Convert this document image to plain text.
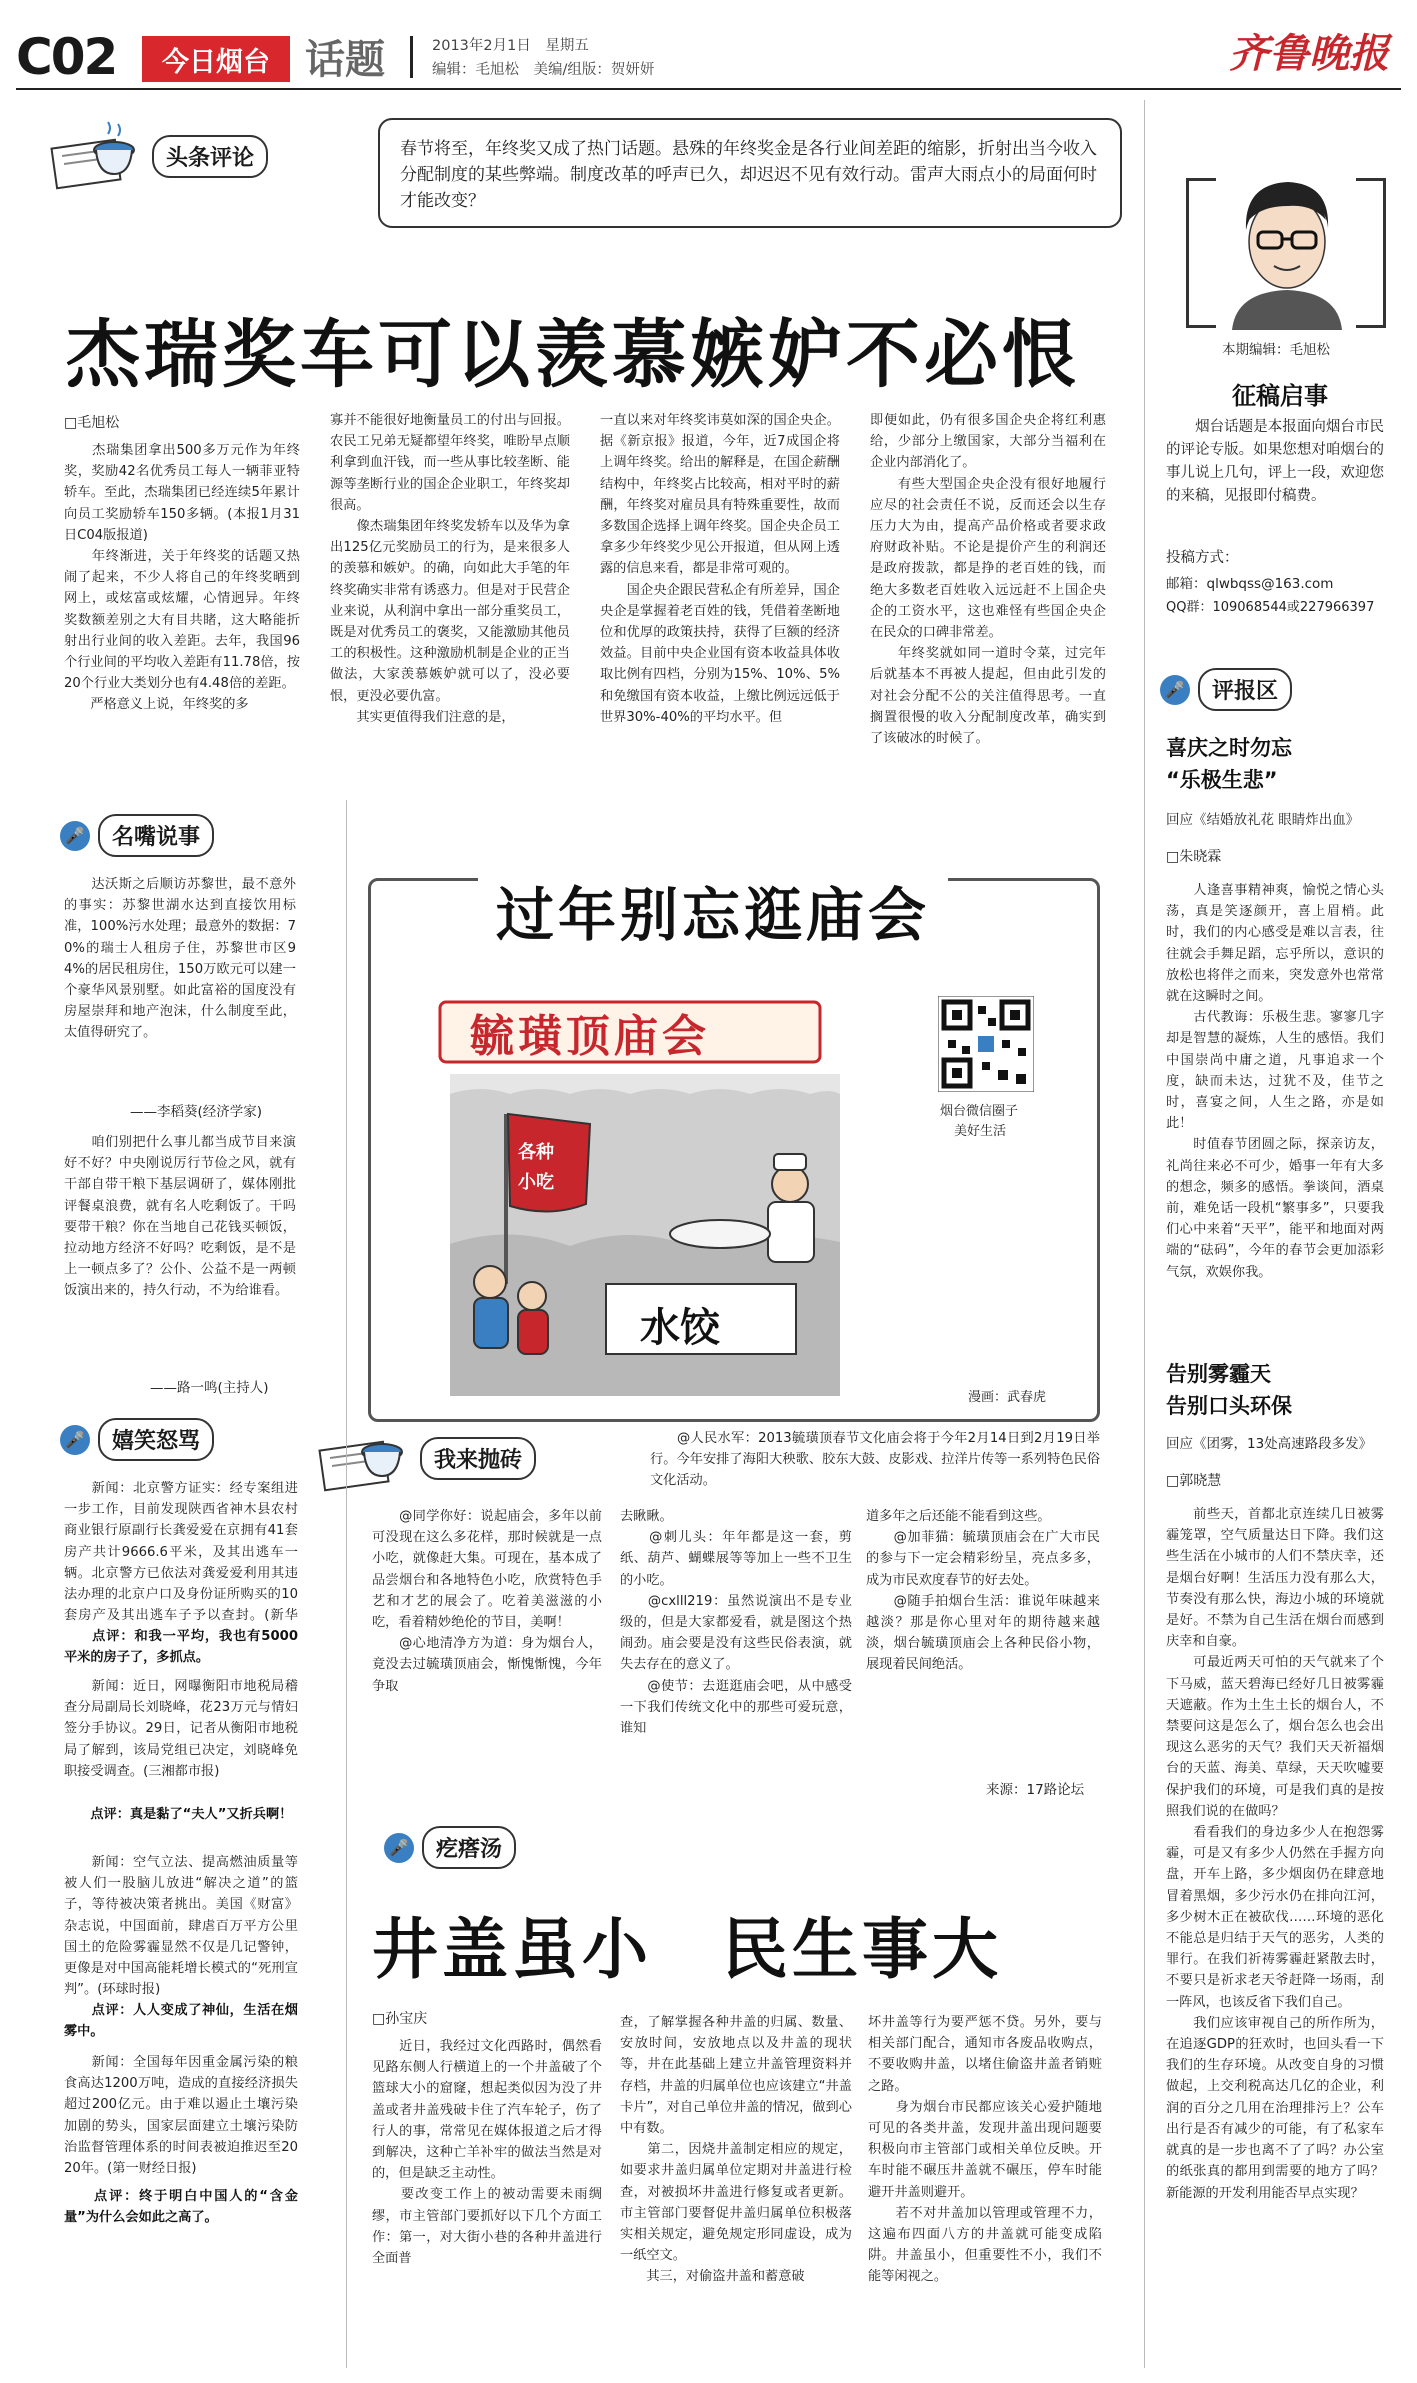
C02	今日烟台 话题	2013年2月1日　星期五
编辑：毛旭松　美编/组版：贺妍妍	齐鲁晚报
头条评论	春节将至，年终奖又成了热门话题。悬殊的年终奖金是各行业间差距的缩影，折射出当今收入分配制度的某些弊端。制度改革的呼声已久，却迟迟不见有效行动。雷声大雨点小的局面何时才能改变？
杰瑞奖车可以羡慕嫉妒不必恨
□毛旭松
　　杰瑞集团拿出500多万元作为年终奖，奖励42名优秀员工每人一辆菲亚特轿车。至此，杰瑞集团已经连续5年累计向员工奖励轿车150多辆。(本报1月31日C04版报道)
　　年终渐进，关于年终奖的话题又热闹了起来，不少人将自己的年终奖晒到网上，或炫富或炫耀，心情迥异。年终奖数额差别之大有目共睹，这大略能折射出行业间的收入差距。去年，我国96个行业间的平均收入差距有11.78倍，按20个行业大类划分也有4.48倍的差距。
　　严格意义上说，年终奖的多
寡并不能很好地衡量员工的付出与回报。农民工兄弟无疑都望年终奖，唯盼早点顺利拿到血汗钱，而一些从事比较垄断、能源等垄断行业的国企企业职工，年终奖却很高。
　　像杰瑞集团年终奖发轿车以及华为拿出125亿元奖励员工的行为，是来很多人的羡慕和嫉妒。的确，向如此大手笔的年终奖确实非常有诱惑力。但是对于民营企业来说，从利润中拿出一部分重奖员工，既是对优秀员工的褒奖，又能激励其他员工的积极性。这种激励机制是企业的正当做法，大家羡慕嫉妒就可以了，没必要恨，更没必要仇富。
　　其实更值得我们注意的是，
一直以来对年终奖讳莫如深的国企央企。据《新京报》报道，今年，近7成国企将上调年终奖。给出的解释是，在国企薪酬结构中，年终奖占比较高，相对平时的薪酬，年终奖对雇员具有特殊重要性，故而多数国企选择上调年终奖。国企央企员工拿多少年终奖少见公开报道，但从网上透露的信息来看，都是非常可观的。
　　国企央企跟民营私企有所差异，国企央企是掌握着老百姓的钱，凭借着垄断地位和优厚的政策扶持，获得了巨额的经济效益。目前中央企业国有资本收益具体收取比例有四档，分别为15%、10%、5%和免缴国有资本收益，上缴比例远远低于世界30%-40%的平均水平。但
即便如此，仍有很多国企央企将红利惠给，少部分上缴国家，大部分当福利在企业内部消化了。
　　有些大型国企央企没有很好地履行应尽的社会责任不说，反而还会以生存压力大为由，提高产品价格或者要求政府财政补贴。不论是提价产生的利润还是政府拨款，都是挣的老百姓的钱，而绝大多数老百姓收入远远赶不上国企央企的工资水平，这也难怪有些国企央企在民众的口碑非常差。
　　年终奖就如同一道时令菜，过完年后就基本不再被人提起，但由此引发的对社会分配不公的关注值得思考。一直搁置很慢的收入分配制度改革，确实到了该破冰的时候了。
🎤	名嘴说事
　　达沃斯之后顺访苏黎世，最不意外的事实：苏黎世湖水达到直接饮用标准，100%污水处理；最意外的数据：70%的瑞士人租房子住，苏黎世市区94%的居民租房住，150万欧元可以建一个豪华风景别墅。如此富裕的国度没有房屋崇拜和地产泡沫，什么制度至此，太值得研究了。
——李稻葵(经济学家)
　　咱们别把什么事儿都当成节目来演好不好？中央刚说厉行节俭之风，就有干部自带干粮下基层调研了，媒体刚批评餐桌浪费，就有名人吃剩饭了。干吗要带干粮？你在当地自己花钱买顿饭，拉动地方经济不好吗？吃剩饭，是不是上一顿点多了？公仆、公益不是一两顿饭演出来的，持久行动，不为给谁看。
——路一鸣(主持人)
🎤	嬉笑怒骂
　　新闻：北京警方证实：经专案组进一步工作，目前发现陕西省神木县农村商业银行原副行长龚爱爱在京拥有41套房产共计9666.6平米，及其出逃车一辆。北京警方已依法对龚爱爱利用其违法办理的北京户口及身份证所购买的10套房产及其出逃车子予以查封。(新华
　　点评：和我一平均，我也有5000平米的房子了，多抓点。
　　新闻：近日，网曝衡阳市地税局稽查分局副局长刘晓峰，花23万元与情妇签分手协议。29日，记者从衡阳市地税局了解到，该局党组已决定，刘晓峰免职接受调查。(三湘都市报)
　　点评：真是黏了“夫人”又折兵啊！
　　新闻：空气立法、提高燃油质量等被人们一股脑儿放进“解决之道”的篮子，等待被决策者挑出。美国《财富》杂志说，中国面前，肆虐百万平方公里国土的危险雾霾显然不仅是几记警钟，更像是对中国高能耗增长模式的“死刑宣判”。(环球时报)
　　点评：人人变成了神仙，生活在烟雾中。
　　新闻：全国每年因重金属污染的粮食高达1200万吨，造成的直接经济损失超过200亿元。由于难以遏止土壤污染加剧的势头，国家层面建立土壤污染防治监督管理体系的时间表被迫推迟至2020年。(第一财经日报)
　　点评：终于明白中国人的“含金量”为什么会如此之高了。
过年别忘逛庙会
毓璜顶庙会
各种
小吃
水饺
烟台微信圈子
美好生活
漫画：武春虎
我来抛砖
　　@人民水军：2013毓璜顶春节文化庙会将于今年2月14日到2月19日举行。今年安排了海阳大秧歌、胶东大鼓、皮影戏、拉洋片传等一系列特色民俗文化活动。
　　@同学你好：说起庙会，多年以前可没现在这么多花样，那时候就是一点小吃，就像赶大集。可现在，基本成了品尝烟台和各地特色小吃，欣赏特色手艺和才艺的展会了。吃着美滋滋的小吃，看着精妙绝伦的节目，美啊！
　　@心地清净方为道：身为烟台人，竟没去过毓璜顶庙会，惭愧惭愧，今年争取
去瞅瞅。
　　@刺儿头：年年都是这一套，剪纸、葫芦、蝴蝶展等等加上一些不卫生的小吃。
　　@cxlll219：虽然说演出不是专业级的，但是大家都爱看，就是图这个热闹劲。庙会要是没有这些民俗表演，就失去存在的意义了。
　　@使节：去逛逛庙会吧，从中感受一下我们传统文化中的那些可爱玩意，谁知
道多年之后还能不能看到这些。
　　@加菲猫：毓璜顶庙会在广大市民的参与下一定会精彩纷呈，亮点多多，成为市民欢度春节的好去处。
　　@随手拍烟台生活：谁说年味越来越淡？那是你心里对年的期待越来越淡，烟台毓璜顶庙会上各种民俗小物，展现着民间绝活。
来源：17路论坛
🎤	疙瘩汤
井盖虽小　民生事大
□孙宝庆
　　近日，我经过文化西路时，偶然看见路东侧人行横道上的一个井盖破了个篮球大小的窟窿，想起类似因为没了井盖或者井盖残破卡住了汽车轮子，伤了行人的事，常常见在媒体报道之后才得到解决，这种亡羊补牢的做法当然是对的，但是缺乏主动性。
　　要改变工作上的被动需要未雨绸缪，市主管部门要抓好以下几个方面工作：第一，对大街小巷的各种井盖进行全面普
查，了解掌握各种井盖的归属、数量、安放时间，安放地点以及井盖的现状等，井在此基础上建立井盖管理资料并存档，井盖的归属单位也应该建立“井盖卡片”，对自己单位井盖的情况，做到心中有数。
　　第二，因烧井盖制定相应的规定，如要求井盖归属单位定期对井盖进行检查，对被损坏井盖进行修复或者更新。市主管部门要督促井盖归属单位积极落实相关规定，避免规定形同虚设，成为一纸空文。
　　其三，对偷盗井盖和蓄意破
坏井盖等行为要严惩不贷。另外，要与相关部门配合，通知市各废品收购点，不要收购井盖，以堵住偷盗井盖者销赃之路。
　　身为烟台市民都应该关心爱护随地可见的各类井盖，发现井盖出现问题要积极向市主管部门或相关单位反映。开车时能不碾压井盖就不碾压，停车时能避开井盖则避开。
　　若不对井盖加以管理或管理不力，这遍布四面八方的井盖就可能变成陷阱。井盖虽小，但重要性不小，我们不能等闲视之。
本期编辑：毛旭松
征稿启事
　　烟台话题是本报面向烟台市民的评论专版。如果您想对咱烟台的事儿说上几句，评上一段，欢迎您的来稿，见报即付稿费。
投稿方式：
邮箱：qlwbqss@163.com
QQ群：109068544或227966397
🎤	评报区
喜庆之时勿忘
“乐极生悲”
回应《结婚放礼花 眼睛炸出血》
□朱晓霖
　　人逢喜事精神爽，愉悦之情心头荡，真是笑逐颜开，喜上眉梢。此时，我们的内心感受是难以言表，往往就会手舞足蹈，忘乎所以，意识的放松也将伴之而来，突发意外也常常就在这瞬时之间。
　　古代教诲：乐极生悲。寥寥几字却是智慧的凝炼，人生的感悟。我们中国崇尚中庸之道，凡事追求一个度，缺而未达，过犹不及，佳节之时，喜宴之间，人生之路，亦是如此！
　　时值春节团圆之际，探亲访友，礼尚往来必不可少，婚事一年有大多的想念，频多的感悟。拳谈间，酒桌前，难免话一段机“繁事多”，只要我们心中来着“天平”，能平和地面对两端的“砝码”，今年的春节会更加添彩气氛，欢娱你我。
告别雾霾天
告别口头环保
回应《团雾，13处高速路段多发》
□郭晓慧
　　前些天，首都北京连续几日被雾霾笼罩，空气质量达日下降。我们这些生活在小城市的人们不禁庆幸，还是烟台好啊！生活压力没有那么大，节奏没有那么快，海边小城的环境就是好。不禁为自己生活在烟台而感到庆幸和自豪。
　　可最近两天可怕的天气就来了个下马威，蓝天碧海已经好几日被雾霾天遮蔽。作为土生土长的烟台人，不禁要问这是怎么了，烟台怎么也会出现这么恶劣的天气？我们天天祈福烟台的天蓝、海美、草绿，天天吹嘘要保护我们的环境，可是我们真的是按照我们说的在做吗？
　　看看我们的身边多少人在抱怨雾霾，可是又有多少人仍然在手握方向盘，开车上路，多少烟囱仍在肆意地冒着黑烟，多少污水仍在排向江河，多少树木正在被砍伐……环境的恶化不能总是归结于天气的恶劣，人类的罪行。在我们祈祷雾霾赶紧散去时，不要只是祈求老天爷赶降一场雨，刮一阵风，也该反省下我们自己。
　　我们应该审视自己的所作所为，在追逐GDP的狂欢时，也回头看一下我们的生存环境。从改变自身的习惯做起，上交利税高达几亿的企业，利润的百分之几用在治理排污上？公车出行是否有减少的可能，有了私家车就真的是一步也离不了了吗？办公室的纸张真的都用到需要的地方了吗？新能源的开发利用能否早点实现？
